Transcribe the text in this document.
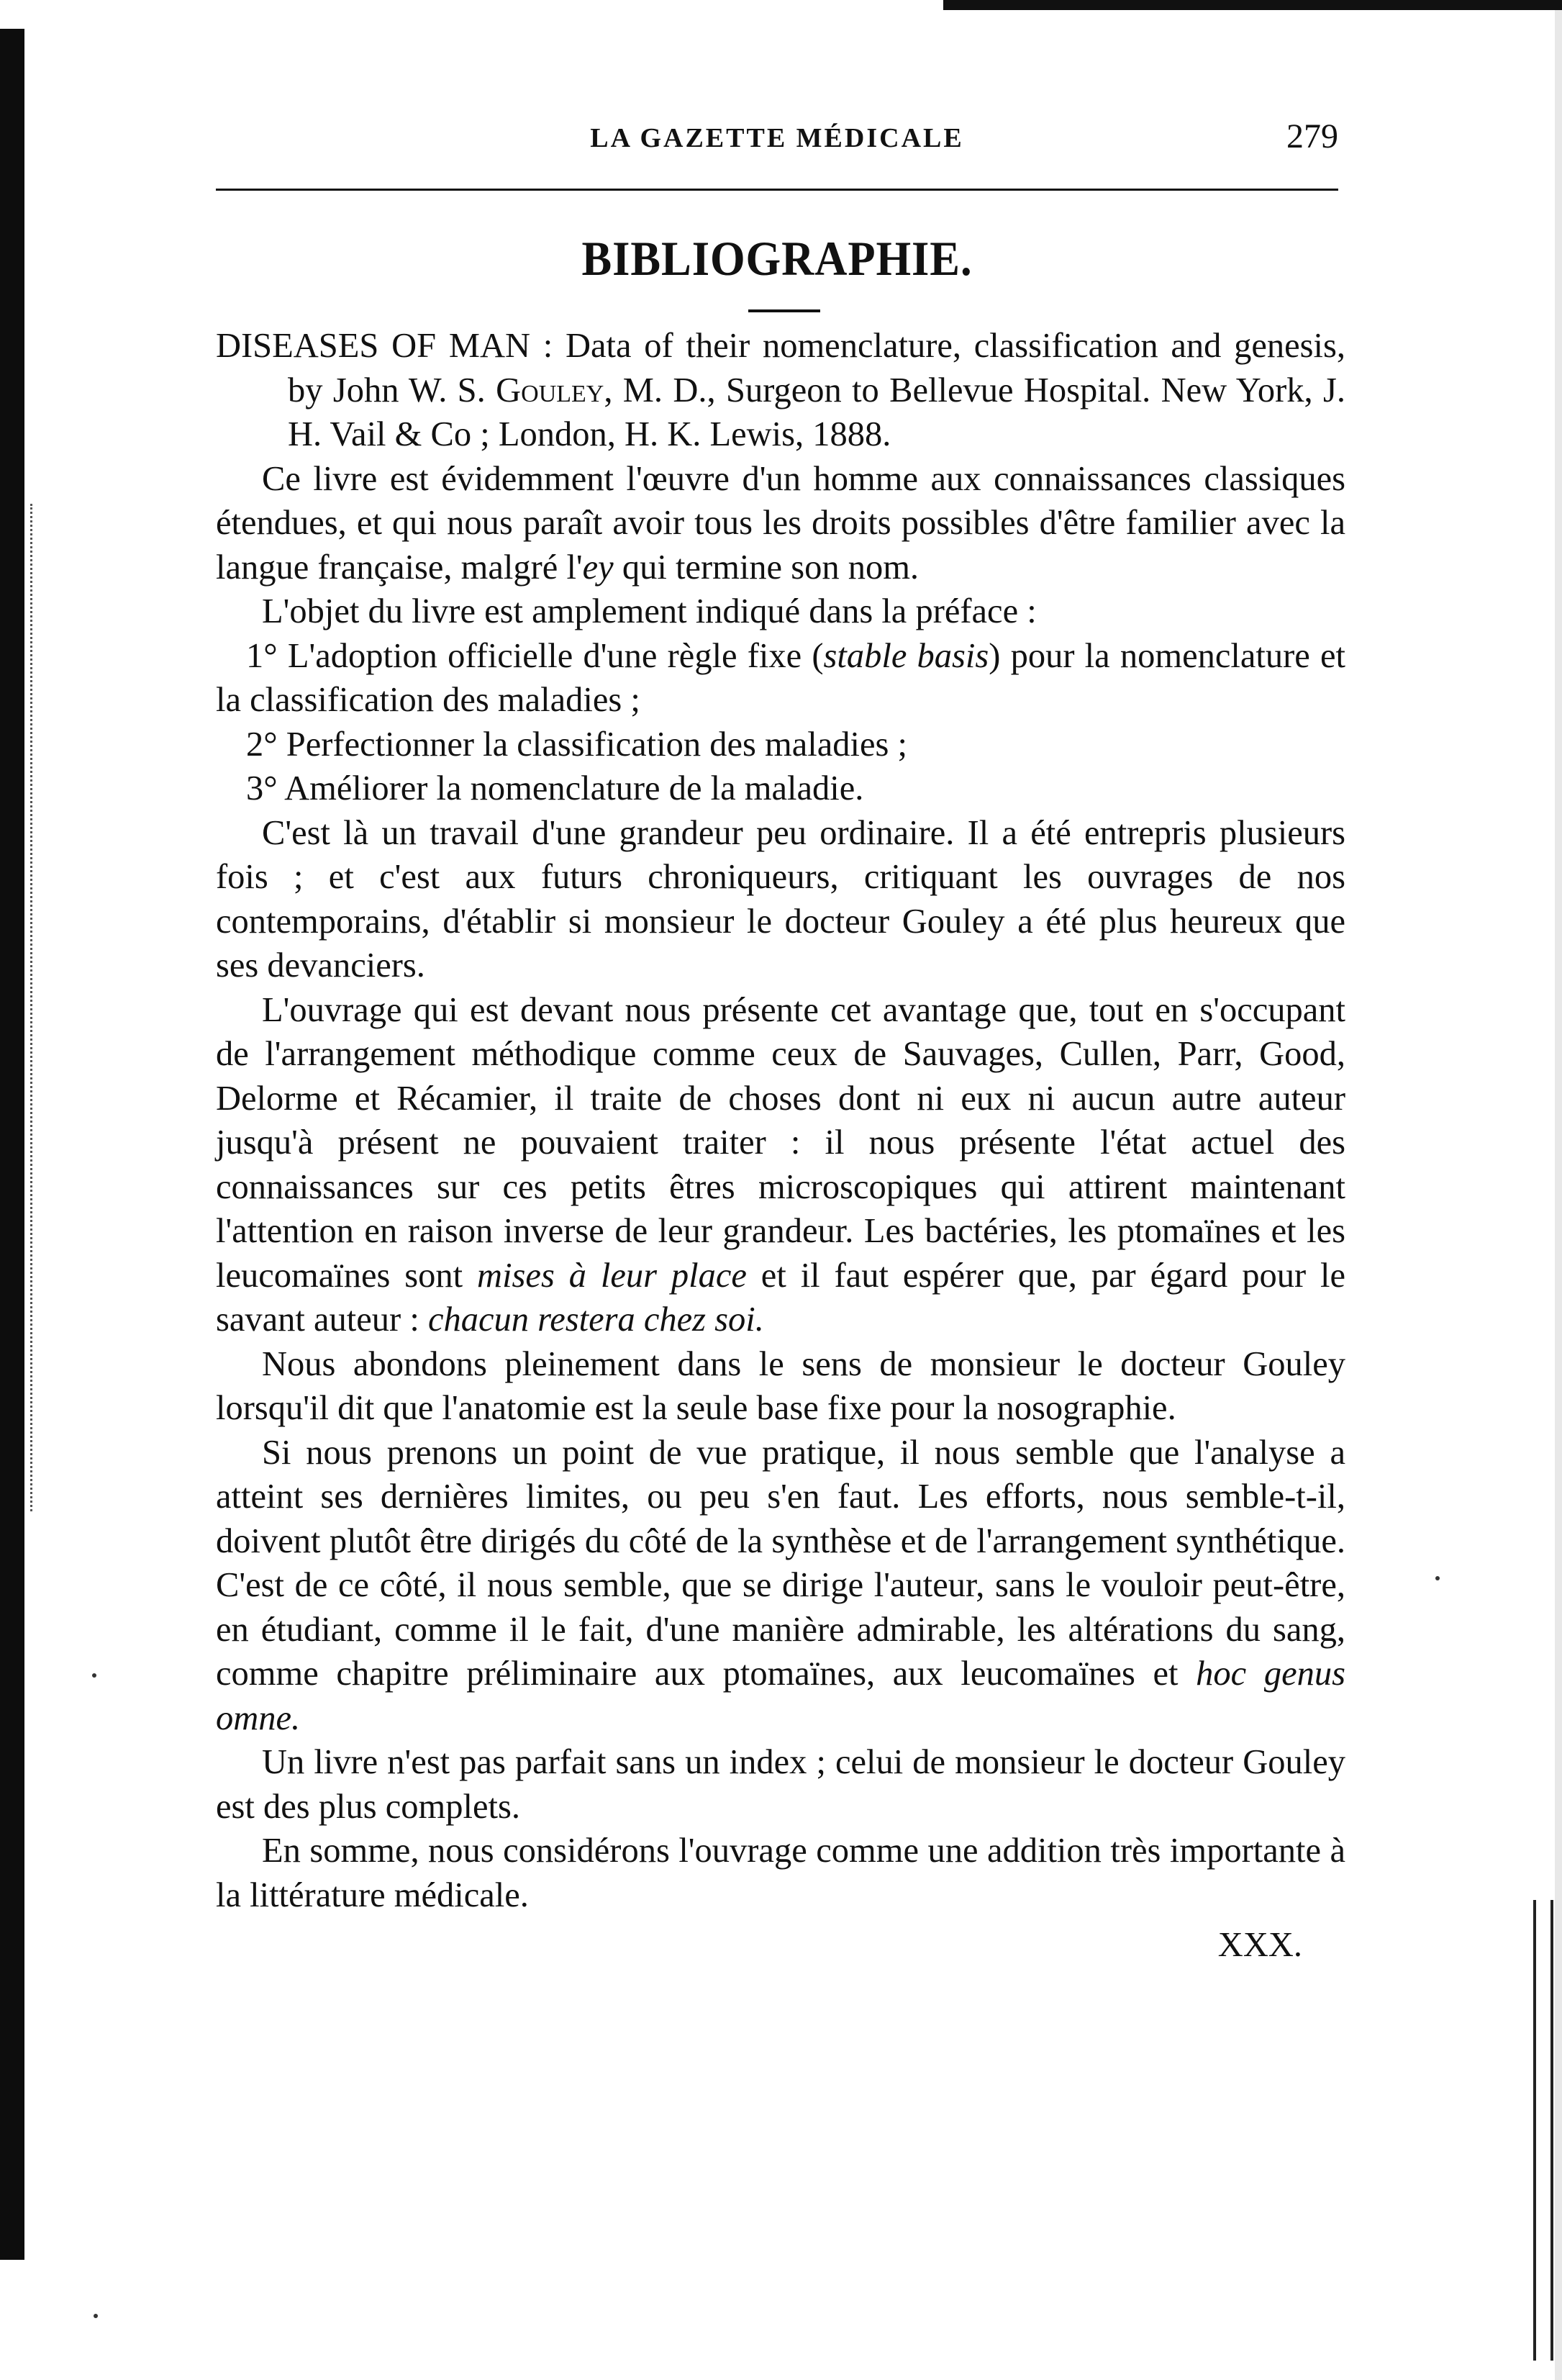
LA GAZETTE MÉDICALE	279
BIBLIOGRAPHIE.

DISEASES OF MAN : Data of their nomenclature, classification and genesis, by John W. S. Gouley, M. D., Surgeon to Bellevue Hospital. New York, J. H. Vail & Co ; London, H. K. Lewis, 1888.

Ce livre est évidemment l'œuvre d'un homme aux connaissances classiques étendues, et qui nous paraît avoir tous les droits possibles d'être familier avec la langue française, malgré l'ey qui termine son nom.

L'objet du livre est amplement indiqué dans la préface :

1° L'adoption officielle d'une règle fixe (stable basis) pour la nomenclature et la classification des maladies ;

2° Perfectionner la classification des maladies ;

3° Améliorer la nomenclature de la maladie.

C'est là un travail d'une grandeur peu ordinaire. Il a été entrepris plusieurs fois ; et c'est aux futurs chroniqueurs, critiquant les ouvrages de nos contemporains, d'établir si monsieur le docteur Gouley a été plus heureux que ses devanciers.

L'ouvrage qui est devant nous présente cet avantage que, tout en s'occupant de l'arrangement méthodique comme ceux de Sauvages, Cullen, Parr, Good, Delorme et Récamier, il traite de choses dont ni eux ni aucun autre auteur jusqu'à présent ne pouvaient traiter : il nous présente l'état actuel des connaissances sur ces petits êtres microscopiques qui attirent maintenant l'attention en raison inverse de leur grandeur. Les bactéries, les ptomaïnes et les leucomaïnes sont mises à leur place et il faut espérer que, par égard pour le savant auteur : chacun restera chez soi.

Nous abondons pleinement dans le sens de monsieur le docteur Gouley lorsqu'il dit que l'anatomie est la seule base fixe pour la nosographie.

Si nous prenons un point de vue pratique, il nous semble que l'analyse a atteint ses dernières limites, ou peu s'en faut. Les efforts, nous semble-t-il, doivent plutôt être dirigés du côté de la synthèse et de l'arrangement synthétique. C'est de ce côté, il nous semble, que se dirige l'auteur, sans le vouloir peut-être, en étudiant, comme il le fait, d'une manière admirable, les altérations du sang, comme chapitre préliminaire aux ptomaïnes, aux leucomaïnes et hoc genus omne.

Un livre n'est pas parfait sans un index ; celui de monsieur le docteur Gouley est des plus complets.

En somme, nous considérons l'ouvrage comme une addition très importante à la littérature médicale.

XXX.
